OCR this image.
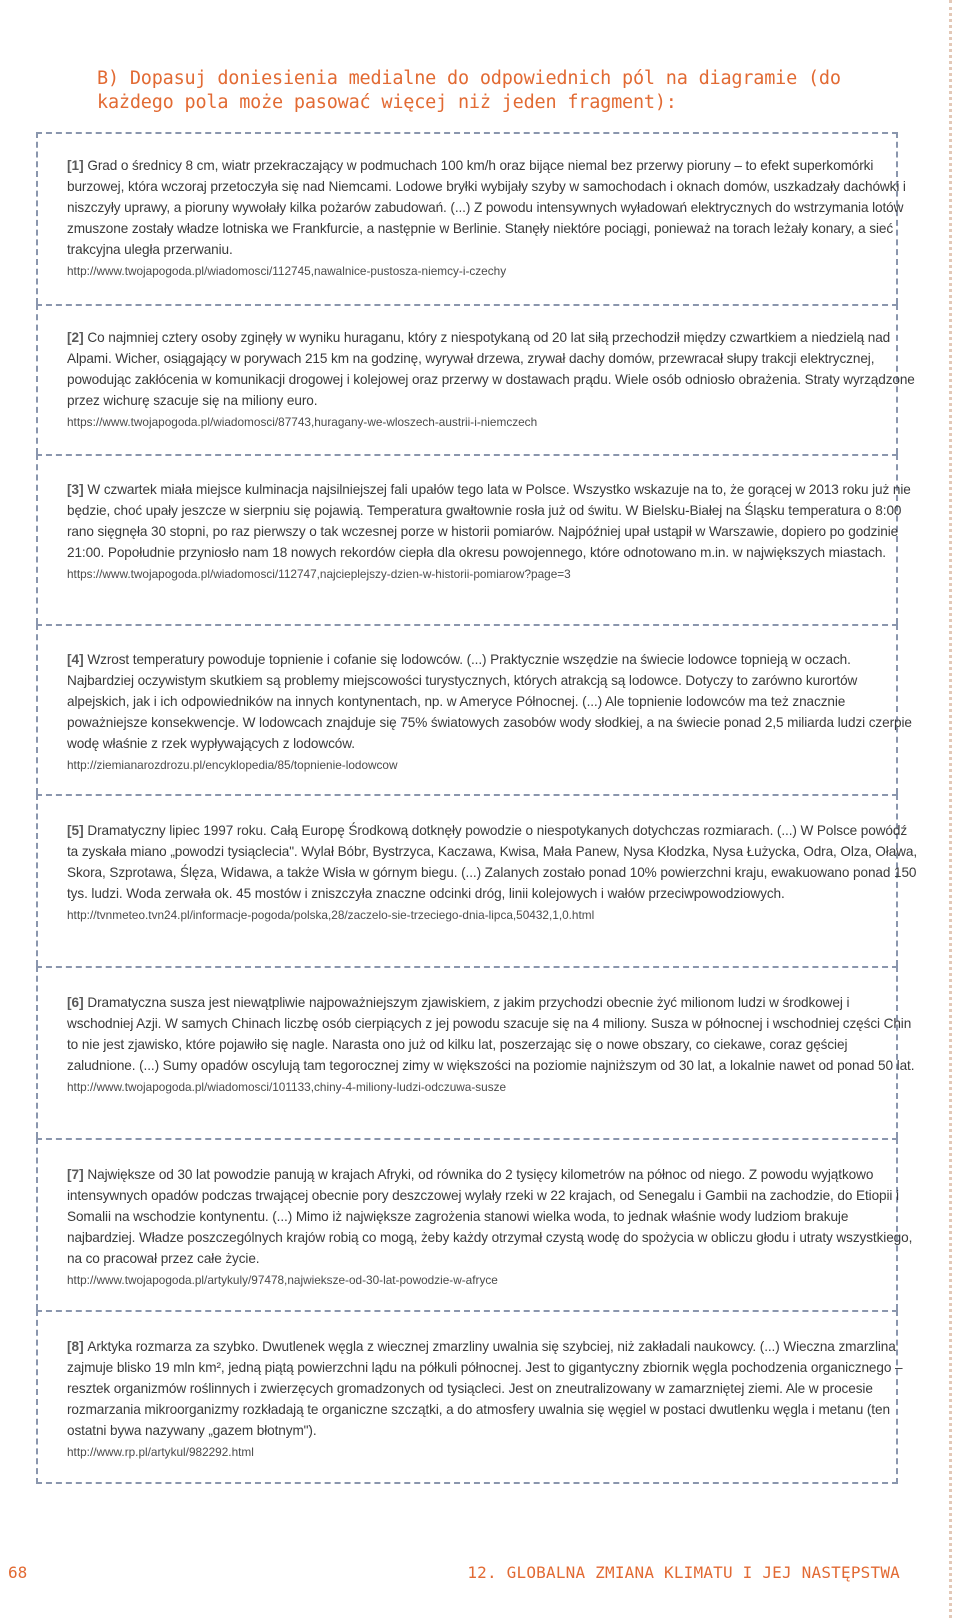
B) Dopasuj doniesienia medialne do odpowiednich pól na diagramie (do każdego pola może pasować więcej niż jeden fragment):
[1] Grad o średnicy 8 cm, wiatr przekraczający w podmuchach 100 km/h oraz bijące niemal bez przerwy pioruny – to efekt superkomórki burzowej, która wczoraj przetoczyła się nad Niemcami. Lodowe bryłki wybijały szyby w samochodach i oknach domów, uszkadzały dachówki i niszczyły uprawy, a pioruny wywołały kilka pożarów zabudowań. (...) Z powodu intensywnych wyładowań elektrycznych do wstrzymania lotów zmuszone zostały władze lotniska we Frankfurcie, a następnie w Berlinie. Stanęły niektóre pociągi, ponieważ na torach leżały konary, a sieć trakcyjna uległa przerwaniu.
http://www.twojapogoda.pl/wiadomosci/112745,nawalnice-pustosza-niemcy-i-czechy
[2] Co najmniej cztery osoby zginęły w wyniku huraganu, który z niespotykaną od 20 lat siłą przechodził między czwartkiem a niedzielą nad Alpami. Wicher, osiągający w porywach 215 km na godzinę, wyrywał drzewa, zrywał dachy domów, przewracał słupy trakcji elektrycznej, powodując zakłócenia w komunikacji drogowej i kolejowej oraz przerwy w dostawach prądu. Wiele osób odniosło obrażenia. Straty wyrządzone przez wichurę szacuje się na miliony euro.
https://www.twojapogoda.pl/wiadomosci/87743,huragany-we-wloszech-austrii-i-niemczech
[3] W czwartek miała miejsce kulminacja najsilniejszej fali upałów tego lata w Polsce. Wszystko wskazuje na to, że gorącej w 2013 roku już nie będzie, choć upały jeszcze w sierpniu się pojawią. Temperatura gwałtownie rosła już od świtu. W Bielsku-Białej na Śląsku temperatura o 8:00 rano sięgnęła 30 stopni, po raz pierwszy o tak wczesnej porze w historii pomiarów. Najpóźniej upał ustąpił w Warszawie, dopiero po godzinie 21:00. Popołudnie przyniosło nam 18 nowych rekordów ciepła dla okresu powojennego, które odnotowano m.in. w największych miastach.
https://www.twojapogoda.pl/wiadomosci/112747,najcieplejszy-dzien-w-historii-pomiarow?page=3
[4] Wzrost temperatury powoduje topnienie i cofanie się lodowców. (...) Praktycznie wszędzie na świecie lodowce topnieją w oczach. Najbardziej oczywistym skutkiem są problemy miejscowości turystycznych, których atrakcją są lodowce. Dotyczy to zarówno kurortów alpejskich, jak i ich odpowiedników na innych kontynentach, np. w Ameryce Północnej. (...) Ale topnienie lodowców ma też znacznie poważniejsze konsekwencje. W lodowcach znajduje się 75% światowych zasobów wody słodkiej, a na świecie ponad 2,5 miliarda ludzi czerpie wodę właśnie z rzek wypływających z lodowców.
http://ziemianarozdrozu.pl/encyklopedia/85/topnienie-lodowcow
[5] Dramatyczny lipiec 1997 roku. Całą Europę Środkową dotknęły powodzie o niespotykanych dotychczas rozmiarach. (...) W Polsce powódź ta zyskała miano „powodzi tysiąclecia". Wylał Bóbr, Bystrzyca, Kaczawa, Kwisa, Mała Panew, Nysa Kłodzka, Nysa Łużycka, Odra, Olza, Oława, Skora, Szprotawa, Ślęza, Widawa, a także Wisła w górnym biegu. (...) Zalanych zostało ponad 10% powierzchni kraju, ewakuowano ponad 150 tys. ludzi. Woda zerwała ok. 45 mostów i zniszczyła znaczne odcinki dróg, linii kolejowych i wałów przeciwpowodziowych.
http://tvnmeteo.tvn24.pl/informacje-pogoda/polska,28/zaczelo-sie-trzeciego-dnia-lipca,50432,1,0.html
[6] Dramatyczna susza jest niewątpliwie najpoważniejszym zjawiskiem, z jakim przychodzi obecnie żyć milionom ludzi w środkowej i wschodniej Azji. W samych Chinach liczbę osób cierpiących z jej powodu szacuje się na 4 miliony. Susza w północnej i wschodniej części Chin to nie jest zjawisko, które pojawiło się nagle. Narasta ono już od kilku lat, poszerzając się o nowe obszary, co ciekawe, coraz gęściej zaludnione. (...) Sumy opadów oscylują tam tegorocznej zimy w większości na poziomie najniższym od 30 lat, a lokalnie nawet od ponad 50 lat.
http://www.twojapogoda.pl/wiadomosci/101133,chiny-4-miliony-ludzi-odczuwa-susze
[7] Największe od 30 lat powodzie panują w krajach Afryki, od równika do 2 tysięcy kilometrów na północ od niego. Z powodu wyjątkowo intensywnych opadów podczas trwającej obecnie pory deszczowej wylały rzeki w 22 krajach, od Senegalu i Gambii na zachodzie, do Etiopii i Somalii na wschodzie kontynentu. (...) Mimo iż największe zagrożenia stanowi wielka woda, to jednak właśnie wody ludziom brakuje najbardziej. Władze poszczególnych krajów robią co mogą, żeby każdy otrzymał czystą wodę do spożycia w obliczu głodu i utraty wszystkiego, na co pracował przez całe życie.
http://www.twojapogoda.pl/artykuly/97478,najwieksze-od-30-lat-powodzie-w-afryce
[8] Arktyka rozmarza za szybko. Dwutlenek węgla z wiecznej zmarzliny uwalnia się szybciej, niż zakładali naukowcy. (...) Wieczna zmarzlina zajmuje blisko 19 mln km², jedną piątą powierzchni lądu na półkuli północnej. Jest to gigantyczny zbiornik węgla pochodzenia organicznego – resztek organizmów roślinnych i zwierzęcych gromadzonych od tysiącleci. Jest on zneutralizowany w zamarzniętej ziemi. Ale w procesie rozmarzania mikroorganizmy rozkładają te organiczne szczątki, a do atmosfery uwalnia się węgiel w postaci dwutlenku węgla i metanu (ten ostatni bywa nazywany „gazem błotnym").
http://www.rp.pl/artykul/982292.html
68	12. GLOBALNA ZMIANA KLIMATU I JEJ NASTĘPSTWA
